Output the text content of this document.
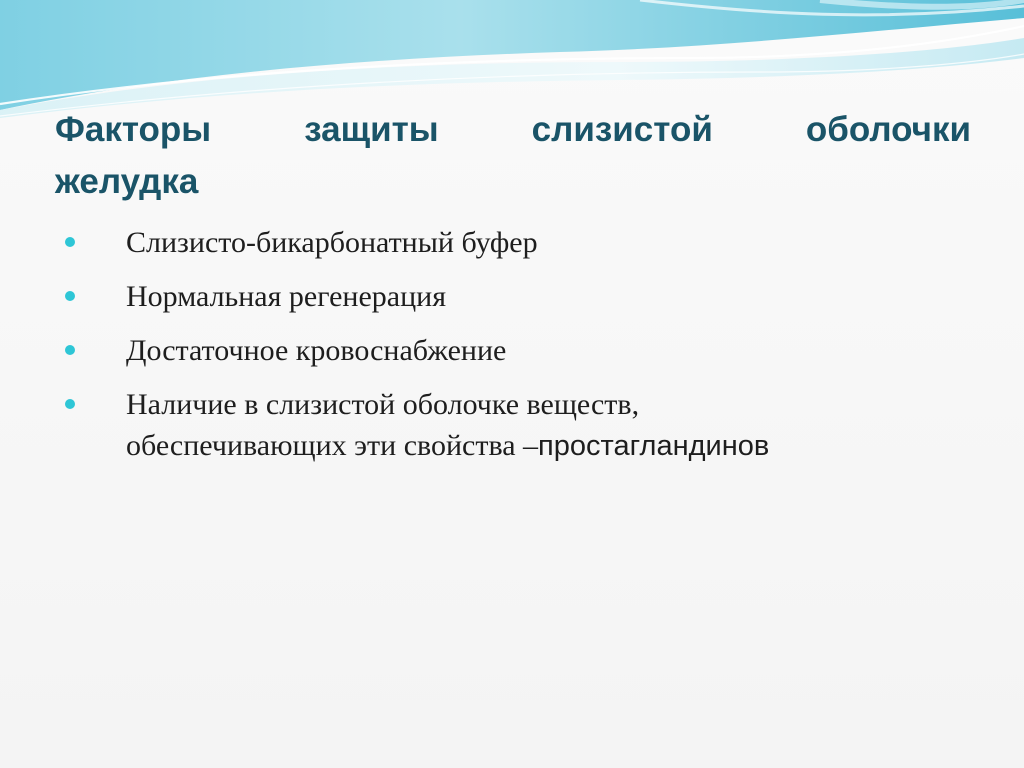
Факторы	защиты	слизистой	оболочки
желудка
Слизисто-бикарбонатный буфер
Нормальная регенерация
Достаточное кровоснабжение
Наличие в слизистой оболочке веществ,
обеспечивающих эти свойства –простагландинов
